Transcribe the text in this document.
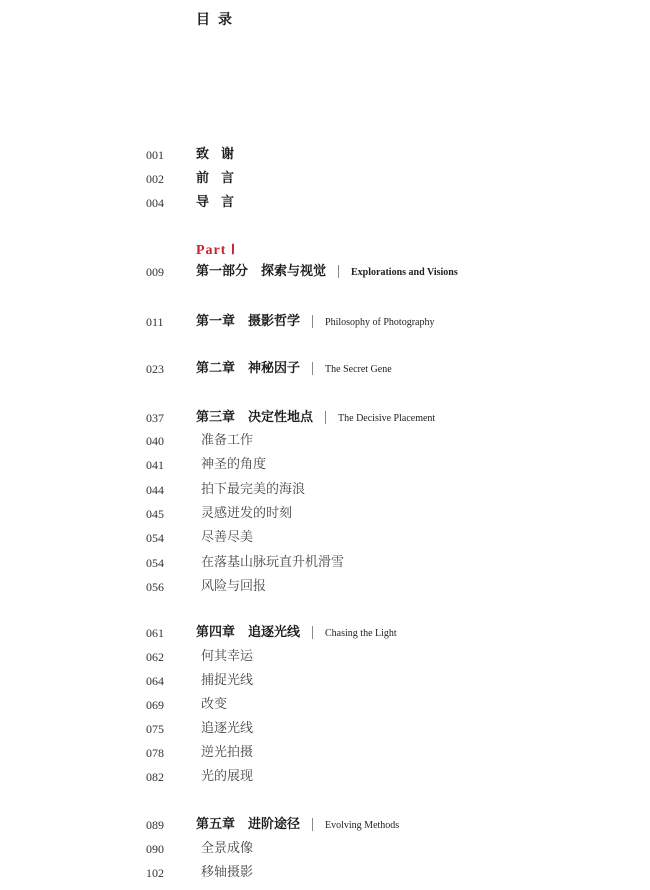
目录
Part Ⅰ
001 致谢
002 前言
004 导言
009 第一部分　探索与视觉	Explorations and Visions
011 第一章　摄影哲学	Philosophy of Photography
023 第二章　神秘因子	The Secret Gene
037 第三章　决定性地点	The Decisive Placement
040	准备工作
041	神圣的角度
044	拍下最完美的海浪
045	灵感迸发的时刻
054	尽善尽美
054	在落基山脉玩直升机滑雪
056	风险与回报
061 第四章　追逐光线	Chasing the Light
062	何其幸运
064	捕捉光线
069	改变
075	追逐光线
078	逆光拍摄
082	光的展现
089 第五章　进阶途径	Evolving Methods
090	全景成像
102	移轴摄影
